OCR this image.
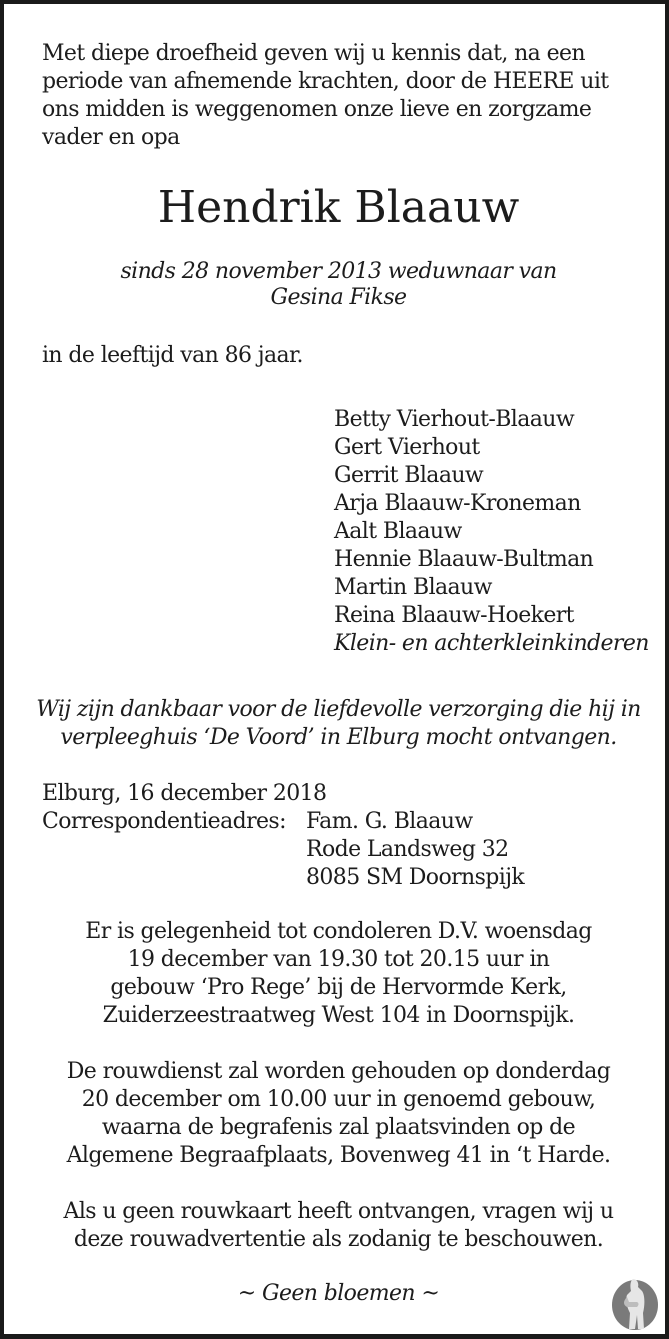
Met diepe droefheid geven wij u kennis dat, na een
periode van afnemende krachten, door de HEERE uit
ons midden is weggenomen onze lieve en zorgzame
vader en opa
Hendrik Blaauw
sinds 28 november 2013 weduwnaar van
Gesina Fikse
in de leeftijd van 86 jaar.
Betty Vierhout-Blaauw
Gert Vierhout
Gerrit Blaauw
Arja Blaauw-Kroneman
Aalt Blaauw
Hennie Blaauw-Bultman
Martin Blaauw
Reina Blaauw-Hoekert
Klein- en achterkleinkinderen
Wij zijn dankbaar voor de liefdevolle verzorging die hij in
verpleeghuis ‘De Voord’ in Elburg mocht ontvangen.
Elburg, 16 december 2018
Correspondentieadres: Fam. G. Blaauw
Rode Landsweg 32
8085 SM Doornspijk
Er is gelegenheid tot condoleren D.V. woensdag
19 december van 19.30 tot 20.15 uur in
gebouw ‘Pro Rege’ bij de Hervormde Kerk,
Zuiderzeestraatweg West 104 in Doornspijk.
De rouwdienst zal worden gehouden op donderdag
20 december om 10.00 uur in genoemd gebouw,
waarna de begrafenis zal plaatsvinden op de
Algemene Begraafplaats, Bovenweg 41 in ‘t Harde.
Als u geen rouwkaart heeft ontvangen, vragen wij u
deze rouwadvertentie als zodanig te beschouwen.
~ Geen bloemen ~
